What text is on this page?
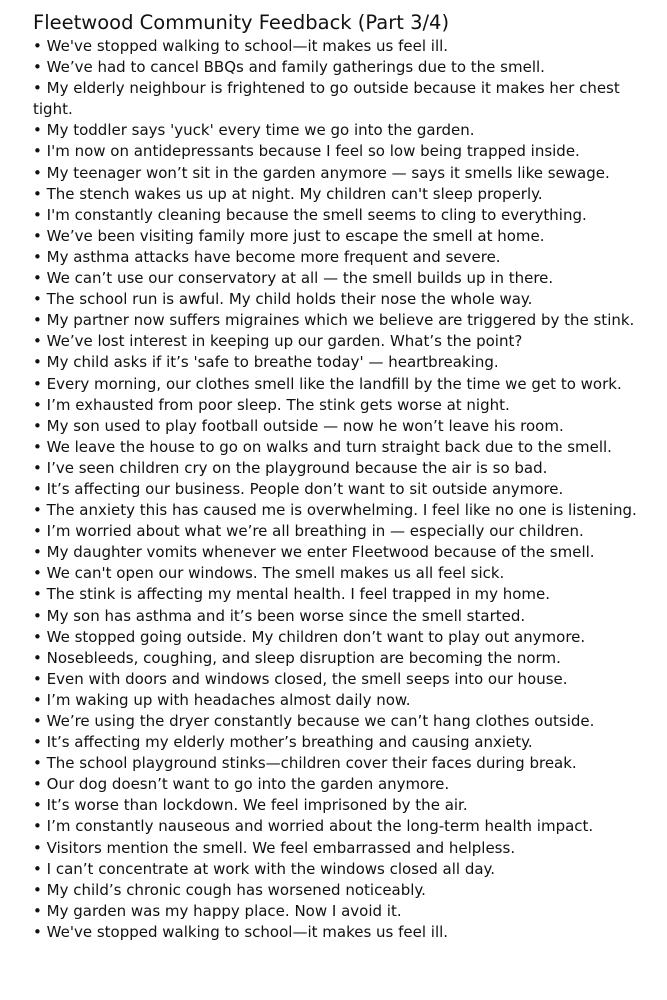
Fleetwood Community Feedback (Part 3/4)
• We've stopped walking to school—it makes us feel ill.
• We’ve had to cancel BBQs and family gatherings due to the smell.
• My elderly neighbour is frightened to go outside because it makes her chest tight.
• My toddler says 'yuck' every time we go into the garden.
• I'm now on antidepressants because I feel so low being trapped inside.
• My teenager won’t sit in the garden anymore — says it smells like sewage.
• The stench wakes us up at night. My children can't sleep properly.
• I'm constantly cleaning because the smell seems to cling to everything.
• We’ve been visiting family more just to escape the smell at home.
• My asthma attacks have become more frequent and severe.
• We can’t use our conservatory at all — the smell builds up in there.
• The school run is awful. My child holds their nose the whole way.
• My partner now suffers migraines which we believe are triggered by the stink.
• We’ve lost interest in keeping up our garden. What’s the point?
• My child asks if it’s 'safe to breathe today' — heartbreaking.
• Every morning, our clothes smell like the landfill by the time we get to work.
• I’m exhausted from poor sleep. The stink gets worse at night.
• My son used to play football outside — now he won’t leave his room.
• We leave the house to go on walks and turn straight back due to the smell.
• I’ve seen children cry on the playground because the air is so bad.
• It’s affecting our business. People don’t want to sit outside anymore.
• The anxiety this has caused me is overwhelming. I feel like no one is listening.
• I’m worried about what we’re all breathing in — especially our children.
• My daughter vomits whenever we enter Fleetwood because of the smell.
• We can't open our windows. The smell makes us all feel sick.
• The stink is affecting my mental health. I feel trapped in my home.
• My son has asthma and it’s been worse since the smell started.
• We stopped going outside. My children don’t want to play out anymore.
• Nosebleeds, coughing, and sleep disruption are becoming the norm.
• Even with doors and windows closed, the smell seeps into our house.
• I’m waking up with headaches almost daily now.
• We’re using the dryer constantly because we can’t hang clothes outside.
• It’s affecting my elderly mother’s breathing and causing anxiety.
• The school playground stinks—children cover their faces during break.
• Our dog doesn’t want to go into the garden anymore.
• It’s worse than lockdown. We feel imprisoned by the air.
• I’m constantly nauseous and worried about the long-term health impact.
• Visitors mention the smell. We feel embarrassed and helpless.
• I can’t concentrate at work with the windows closed all day.
• My child’s chronic cough has worsened noticeably.
• My garden was my happy place. Now I avoid it.
• We've stopped walking to school—it makes us feel ill.
